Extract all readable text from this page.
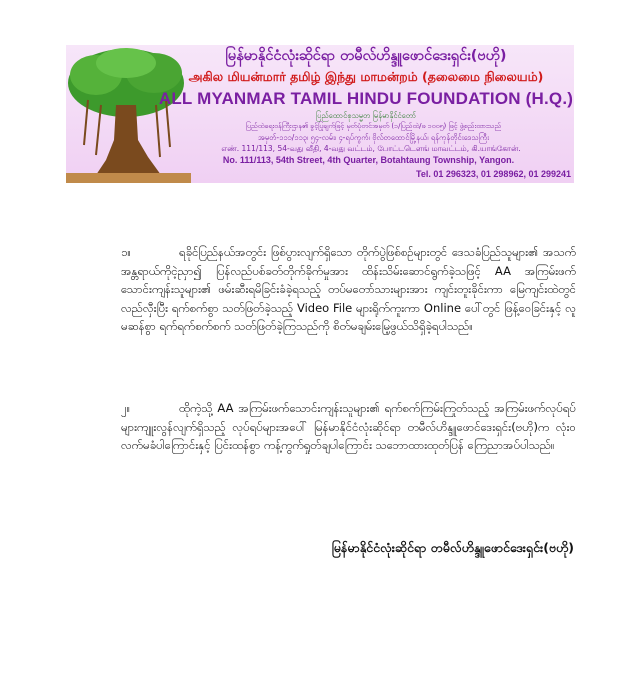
မြန်မာနိုင်ငံလုံးဆိုင်ရာ တမီလ်ဟိန္ဒူဖောင်ဒေးရှင်း(ဗဟို)
அகில மியன்மார் தமிழ் இந்து மாமன்றம் (தலைமை நிலையம்)
ALL MYANMAR TAMIL HINDU FOUNDATION (H.Q.)
ပြည်ထောင်စုသမ္မတ မြန်မာနိုင်ငံတော်
ပြည်ထဲရေးဝန်ကြီးဌာန၏ ခွင့်ပြုချက်ဖြင့် မှတ်ပုံတင်အမှတ် (၁/ပြည်ထဲ/ဖ ၁၀၀၅) ဖြင့် ဖွဲ့စည်းထားသည်
အမှတ်-၁၁၁/၁၁၃၊ ၅၄-လမ်း၊ ၄-ရပ်ကွက်၊ ဗိုလ်တထောင်မြို့နယ်၊ ရန်ကုန်တိုင်းဒေသကြီး
எண். 111/113, 54-வது வீதி, 4-வது வட்டம், போட்டடௌங் மாவட்டம், கி.யாங்கோன்.
No. 111/113, 54th Street, 4th Quarter, Botahtaung Township, Yangon.
Tel. 01 296323, 01 298962, 01 299241
၁။	ရခိုင်ပြည်နယ်အတွင်း ဖြစ်ပွားလျက်ရှိသော တိုက်ပွဲဖြစ်စဉ်များတွင် ဒေသခံပြည်သူများ၏ အသက်အန္တရာယ်ကိုငဲ့ညှာ၍ ပြန်လည်ပစ်ခတ်တိုက်ခိုက်မှုအား ထိန်းသိမ်းဆောင်ရွက်ခဲ့သဖြင့် AA အကြမ်းဖက်သောင်းကျန်းသူများ၏ ဖမ်းဆီးရမိခြင်းခံခဲ့ရသည့် တပ်မတော်သားများအား ကျင်းတူးခိုင်းကာ မြေကျင်းထဲတွင် လည်လှီးပြီး ရက်စက်စွာ သတ်ဖြတ်ခဲ့သည့် Video File များရိုက်ကူးကာ Online ပေါ်တွင် ဖြန့်ဝေခြင်းနှင့် လူမဆန်စွာ ရက်ရက်စက်စက် သတ်ဖြတ်ခဲ့ကြသည်ကို စိတ်မချမ်းမြေ့ဖွယ်သိရှိခဲ့ရပါသည်။
၂။	ထိုကဲ့သို့ AA အကြမ်းဖက်သောင်းကျန်းသူများ၏ ရက်စက်ကြမ်းကြုတ်သည့် အကြမ်းဖက်လုပ်ရပ်များကျူးလွန်လျက်ရှိသည့် လုပ်ရပ်များအပေါ် မြန်မာနိုင်ငံလုံးဆိုင်ရာ တမီလ်ဟိန္ဒူဖောင်ဒေးရှင်း(ဗဟို)က လုံးဝလက်မခံပါကြောင်းနှင့် ပြင်းထန်စွာ ကန့်ကွက်ရှုတ်ချပါကြောင်း သဘောထားထုတ်ပြန် ကြေညာအပ်ပါသည်။
မြန်မာနိုင်ငံလုံးဆိုင်ရာ တမီလ်ဟိန္ဒူဖောင်ဒေးရှင်း(ဗဟို)
